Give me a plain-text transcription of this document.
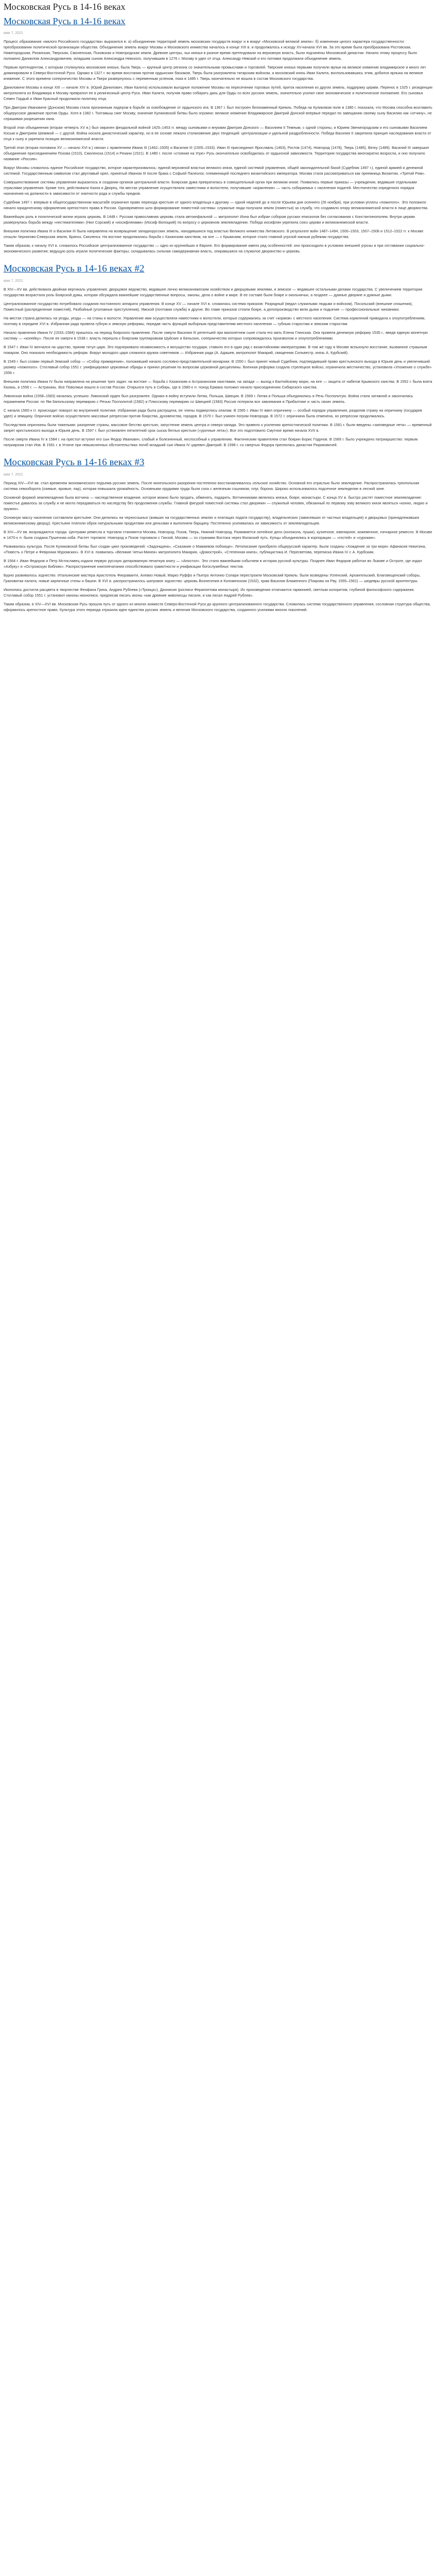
Московская Русь в 14-16 веках
Московская Русь в 14-16 веках
мая 7, 2021

Процесс образования «малого Российского государства» выразился в: а) объединении территорий земель московских государств вокруг и в вокруг «Московской великой земли»: б) изменении целого характера государственности: преобразовании политической организации общества. Объединение земель вокруг Москвы и Московского княжества началось в конце XIII в. и продолжалось к исходу XV-начала XVI вв. За это время была преобразована Ростовская, Нижегородская, Рязанская, Тверская, Смоленская, Псковская и Новгородская земли. Древние центры, чьи князья в разное время претендовали на верховную власть, были подчинены Московской династии. Начало этому процессу было положено Даниилом Александровичем, младшим сыном Александра Невского, получившим в 1276 г. Москву в удел от отца. Александр Невский и его потомки продолжали объединение земель.

Первым претендентом, с которым столкнулись московские князья, была Тверь — крупный центр региона со значительными промыслами и торговлей. Тверские князья первыми получили ярлык на великое княжение владимирское и много лет доминировали в Северо-Восточной Руси. Однако в 1327 г. во время восстания против ордынских баскаков, Тверь была разгромлена татарским войском, а московский князь Иван Калита, воспользовавшись этим, добился ярлыка на великое княжение. С этого времени соперничество Москвы и Твери развернулось с переменным успехом, пока в 1485 г. Тверь окончательно не вошла в состав Московского государства.

Даниловичи Москвы в конце XIII — начале XIV в. (Юрий Данилович, Иван Калита) использовали выгодное положение Москвы на пересечении торговых путей, приток населения из других земель, поддержку церкви. Перенос в 1325 г. резиденции митрополита из Владимира в Москву превратил ее в религиозный центр Руси. Иван Калита, получив право собирать дань для Орды со всех русских земель, значительно усилил свое экономическое и политическое положение. Его сыновья Семен Гордый и Иван Красный продолжали политику отца.

При Дмитрии Ивановиче (Донском) Москва стала признанным лидером в борьбе за освобождение от ордынского ига. В 1367 г. был построен белокаменный Кремль. Победа на Куликовом поле в 1380 г. показала, что Москва способна возглавить общерусское движение против Орды. Хотя в 1382 г. Тохтамыш сжег Москву, значение Куликовской битвы было огромно: великое княжение Владимирское Дмитрий Донской впервые передал по завещанию своему сыну Василию как «отчину», не спрашивая разрешения хана.

Второй этап объединения (вторая четверть XV в.) был омрачен феодальной войной 1425–1453 гг. между сыновьями и внуками Дмитрия Донского — Василием II Темным, с одной стороны, и Юрием Звенигородским и его сыновьями Василием Косым и Дмитрием Шемякой — с другой. Война носила династический характер, но в ее основе лежало столкновение двух тенденций: централизации и удельной раздробленности. Победа Василия II закрепила принцип наследования власти от отца к сыну и укрепила позиции великокняжеской власти.

Третий этап (вторая половина XV — начало XVI в.) связан с правлением Ивана III (1462–1505) и Василия III (1505–1533). Иван III присоединил Ярославль (1463), Ростов (1474), Новгород (1478), Тверь (1485), Вятку (1489). Василий III завершил объединение присоединением Пскова (1510), Смоленска (1514) и Рязани (1521). В 1480 г. после «стояния на Угре» Русь окончательно освободилась от ордынской зависимости. Территория государства многократно возросла, и оно получило название «Россия».

Вокруг Москвы сложилось единое Российское государство, которое характеризовалось: единой верховной властью великого князя, единой системой управления, общей законодательной базой (Судебник 1497 г.), единой армией и денежной системой. Государственным символом стал двуглавый орел, принятый Иваном III после брака с Софьей Палеолог, племянницей последнего византийского императора. Москва стала рассматриваться как преемница Византии, «Третий Рим».

Совершенствование системы управления выразилось в создании органов центральной власти. Боярская дума превратилась в совещательный орган при великом князе. Появились первые приказы — учреждения, ведавшие отдельными отраслями управления. Кроме того, действовали Казна и Дворец. На местах управление осуществляли наместники и волостели, получавшие «кормления» — часть собираемых с населения податей. Местничество определяло порядок назначения на должности в зависимости от знатности рода и службы предков.

Судебник 1497 г. впервые в общегосударственном масштабе ограничил право перехода крестьян от одного владельца к другому — одной неделей до и после Юрьева дня осеннего (26 ноября), при условии уплаты «пожилого». Это положило начало юридическому оформлению крепостного права в России. Одновременно шло формирование поместной системы: служилые люди получали земли (поместья) за службу, что создавало опору великокняжеской власти в лице дворянства.

Важнейшую роль в политической жизни играла церковь. В 1448 г. Русская православная церковь стала автокефальной — митрополит Иона был избран собором русских епископов без согласования с Константинополем. Внутри церкви развернулась борьба между «нестяжателями» (Нил Сорский) и «иосифлянами» (Иосиф Волоцкий) по вопросу о церковном землевладении. Победа иосифлян укрепила союз церкви и великокняжеской власти.

Внешняя политика Ивана III и Василия III была направлена на возвращение западнорусских земель, находившихся под властью Великого княжества Литовского. В результате войн 1487–1494, 1500–1503, 1507–1508 и 1512–1522 гг. к Москве отошли Чернигово-Северская земля, Брянск, Смоленск. На востоке продолжалась борьба с Казанским ханством, на юге — с Крымским, которое стало главной угрозой южным рубежам государства.

Таким образом, к началу XVI в. сложилось Российское централизованное государство — одно из крупнейших в Европе. Его формирование имело ряд особенностей: оно происходило в условиях внешней угрозы и при отставании социально-экономического развития; ведущую роль играли политические факторы; складывалась сильная самодержавная власть, опиравшаяся на служилое дворянство и церковь.

Московская Русь в 14-16 веках #2
мая 7, 2021

В XIV—XV вв. действовала двойная вертикаль управления: дворцовое ведомство, ведавшее лично великокняжеским хозяйством и дворцовыми землями, и земское — ведавшее остальными делами государства. С увеличением территории государства возрастала роль Боярской думы, которая обсуждала важнейшие государственные вопросы, законы, дела о войне и мире. В ее составе были бояре и окольничьи, а позднее — думные дворяне и думные дьяки.

Централизованное государство потребовало создания постоянного аппарата управления. В конце XV — начале XVI в. сложилась система приказов: Разрядный (ведал служилыми людьми и войском), Посольский (внешние сношения), Поместный (распределение поместий), Разбойный (уголовные преступления), Ямской (почтовая служба) и другие. Во главе приказов стояли бояре, а делопроизводство вели дьяки и подьячие — профессиональные чиновники.

На местах страна делилась на уезды, уезды — на станы и волости. Управление ими осуществляли наместники и волостели, которые содержались за счет «кормов» с местного населения. Система кормлений приводила к злоупотреблениям, поэтому в середине XVI в. Избранная рада провела губную и земскую реформы, передав часть функций выборным представителям местного населения — губным старостам и земским старостам.

Начало правления Ивана IV (1533–1584) пришлось на период боярского правления. После смерти Василия III регентшей при малолетнем сыне стала его мать Елена Глинская. Она провела денежную реформу 1535 г., введя единую монетную систему — «копейку». После ее смерти в 1538 г. власть перешла к боярским группировкам Шуйских и Бельских, соперничество которых сопровождалось произволом и злоупотреблениями.

В 1547 г. Иван IV венчался на царство, приняв титул царя. Это подчеркивало независимость и могущество государя, ставило его в один ряд с византийскими императорами. В том же году в Москве вспыхнуло восстание, вызванное страшным пожаром. Оно показало необходимость реформ. Вокруг молодого царя сложился кружок советников — Избранная рада (А. Адашев, митрополит Макарий, священник Сильвестр, князь А. Курбский).

В 1549 г. был созван первый Земский собор — «Собор примирения», положивший начало сословно-представительной монархии. В 1550 г. был принят новый Судебник, подтвердивший право крестьянского выхода в Юрьев день и увеличивший размер «пожилого». Стоглавый собор 1551 г. унифицировал церковные обряды и принял решения по вопросам церковной дисциплины. Военная реформа создала стрелецкое войско, ограничила местничество, установила «Уложение о службе» 1556 г.

Внешняя политика Ивана IV была направлена на решение трех задач: на востоке — борьба с Казанским и Астраханским ханствами, на западе — выход к Балтийскому морю, на юге — защита от набегов Крымского ханства. В 1552 г. была взята Казань, в 1556 г. — Астрахань. Все Поволжье вошло в состав России. Открылся путь в Сибирь, где в 1580-х гг. поход Ермака положил начало присоединению Сибирского ханства.

Ливонская война (1558–1583) началась успешно: Ливонский орден был разгромлен. Однако в войну вступили Литва, Польша, Швеция. В 1569 г. Литва и Польша объединились в Речь Посполитую. Война стала затяжной и закончилась поражением России: по Ям-Запольскому перемирию с Речью Посполитой (1582) и Плюсскому перемирию со Швецией (1583) Россия потеряла все завоевания в Прибалтике и часть своих земель.

С начала 1560-х гг. происходит поворот во внутренней политике. Избранная рада была распущена, ее члены подверглись опалам. В 1565 г. Иван IV ввел опричнину — особый порядок управления, разделив страну на опричнину (государев удел) и земщину. Опричное войско осуществляло массовые репрессии против боярства, духовенства, городов. В 1570 г. был учинен погром Новгорода. В 1572 г. опричнина была отменена, но репрессии продолжались.

Последствия опричнины были тяжелыми: разорение страны, массовое бегство крестьян, запустение земель центра и северо-запада. Это привело к усилению крепостнической политики. В 1581 г. были введены «заповедные лета» — временный запрет крестьянского выхода в Юрьев день. В 1597 г. был установлен пятилетний срок сыска беглых крестьян («урочные лета»). Все это подготовило Смутное время начала XVII в.

После смерти Ивана IV в 1584 г. на престол вступил его сын Федор Иванович, слабый и болезненный, неспособный к управлению. Фактическим правителем стал боярин Борис Годунов. В 1589 г. было учреждено патриаршество: первым патриархом стал Иов. В 1591 г. в Угличе при невыясненных обстоятельствах погиб младший сын Ивана IV царевич Дмитрий. В 1598 г. со смертью Федора пресеклась династия Рюриковичей.

Московская Русь в 14-16 веках #3
мая 7, 2021

Период XIV—XVI вв. стал временем экономического подъема русских земель. После монгольского разорения постепенно восстанавливалось сельское хозяйство. Основной его отраслью было земледелие. Распространилась трехпольная система севооборота (озимые, яровые, пар), которая повышала урожайность. Основными орудиями труда были соха с железным сошником, плуг, борона. Широко использовалось подсечное земледелие в лесной зоне.

Основной формой землевладения была вотчина — наследственное владение, которое можно было продать, обменять, подарить. Вотчинниками являлись князья, бояре, монастыри. С конца XV в. быстро растет поместное землевладение: поместье давалось за службу и не могло передаваться по наследству без продолжения службы. Главной фигурой поместной системы стал дворянин — служилый человек, обязанный по первому зову великого князя являться «конно, людно и оружно».

Основную массу населения составляли крестьяне. Они делились на черносошных (живших на государственных землях и платящих подати государству), владельческих (зависевших от частных владельцев) и дворцовых (принадлежавших великокняжескому дворцу). Крестьяне платили оброк натуральными продуктами или деньгами и выполняли барщину. Постепенно усиливалась их зависимость от землевладельцев.

В XIV—XV вв. возрождаются города. Центрами ремесла и торговли становятся Москва, Новгород, Псков, Тверь, Нижний Новгород. Развивается литейное дело (колокола, пушки), кузнечное, ювелирное, кожевенное, гончарное ремесло. В Москве в 1470-х гг. была создана Пушечная изба. Растет торговля: Новгород и Псков торговали с Ганзой, Москва — со странами Востока через Волжский путь. Купцы объединялись в корпорации — «гостей» и «сурожан».

Развивалась культура. После Куликовской битвы был создан цикл произведений: «Задонщина», «Сказание о Мамаевом побоище». Летописание приобрело общерусский характер. Были созданы «Хождение за три моря» Афанасия Никитина, «Повесть о Петре и Февронии Муромских». В XVI в. появились «Великие Четьи-Минеи» митрополита Макария, «Домострой», «Степенная книга», публицистика И. Пересветова, переписка Ивана IV с А. Курбским.

В 1564 г. Иван Федоров и Петр Мстиславец издали первую русскую датированную печатную книгу — «Апостол». Это стало важнейшим событием в истории русской культуры. Позднее Иван Федоров работал во Львове и Остроге, где издал «Азбуку» и «Острожскую Библию». Распространение книгопечатания способствовало грамотности и унификации богослужебных текстов.

Бурно развивалось зодчество. Итальянские мастера Аристотель Фиораванти, Алевиз Новый, Марко Руффо и Пьетро Антонио Солари перестроили Московский Кремль: были возведены Успенский, Архангельский, Благовещенский соборы, Грановитая палата, новые кирпичные стены и башни. В XVI в. распространилось шатровое зодчество: церковь Вознесения в Коломенском (1532), храм Василия Блаженного (Покрова на Рву, 1555–1561) — шедевры русской архитектуры.

Иконопись достигла расцвета в творчестве Феофана Грека, Андрея Рублева («Троица»), Дионисия (росписи Ферапонтова монастыря). Их произведения отличаются гармонией, светлым колоритом, глубиной философского содержания. Стоглавый собор 1551 г. установил каноны иконописи, предписав писать иконы «как древние живописцы писали, и как писал Андрей Рублев».

Таким образом, в XIV—XVI вв. Московская Русь прошла путь от одного из многих княжеств Северо-Восточной Руси до крупного централизованного государства. Сложилась система государственного управления, сословная структура общества, оформилось крепостное право. Культура этого периода отразила идеи единства русских земель и величия Московского государства, созданного усилиями многих поколений.
